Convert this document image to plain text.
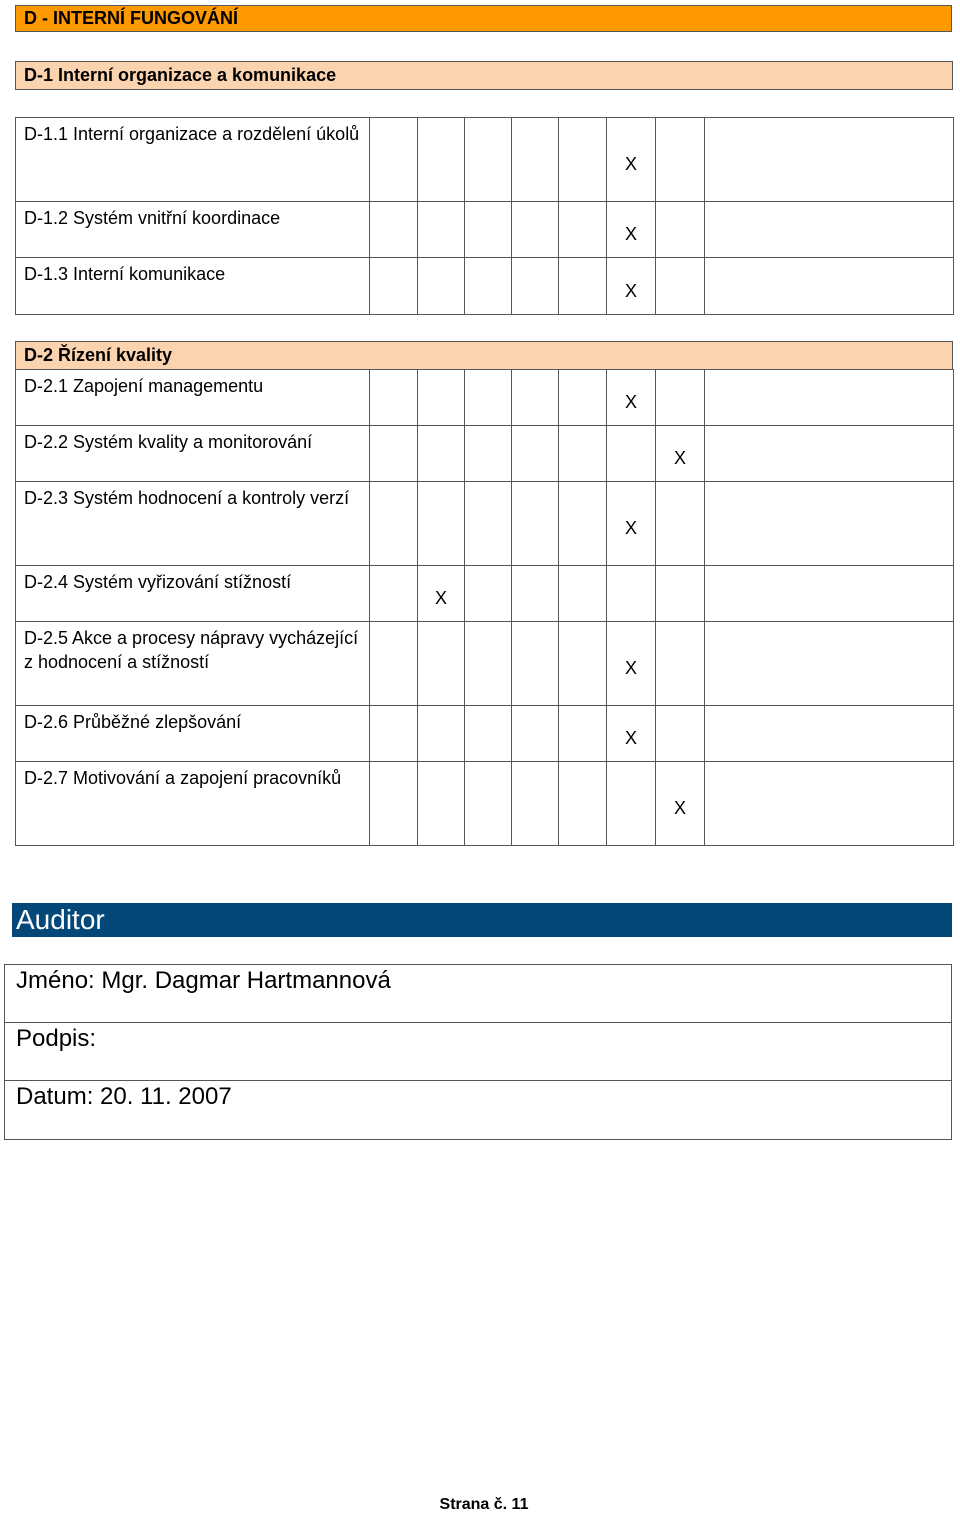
D - INTERNÍ FUNGOVÁNÍ
D-1 Interní organizace a komunikace
D-1.1 Interní organizace a rozdělení úkolů						X		
D-1.2 Systém vnitřní koordinace						X		
D-1.3 Interní komunikace						X		
D-2 Řízení kvality
D-2.1 Zapojení managementu						X		
D-2.2 Systém kvality a monitorování							X	
D-2.3 Systém hodnocení a kontroly verzí						X		
D-2.4 Systém vyřizování stížností		X						
D-2.5 Akce a procesy nápravy vycházející z hodnocení a stížností						X		
D-2.6 Průběžné zlepšování						X		
D-2.7 Motivování a zapojení pracovníků							X	
Auditor
Jméno: Mgr. Dagmar Hartmannová
Podpis:
Datum: 20. 11. 2007
Strana č. 11
